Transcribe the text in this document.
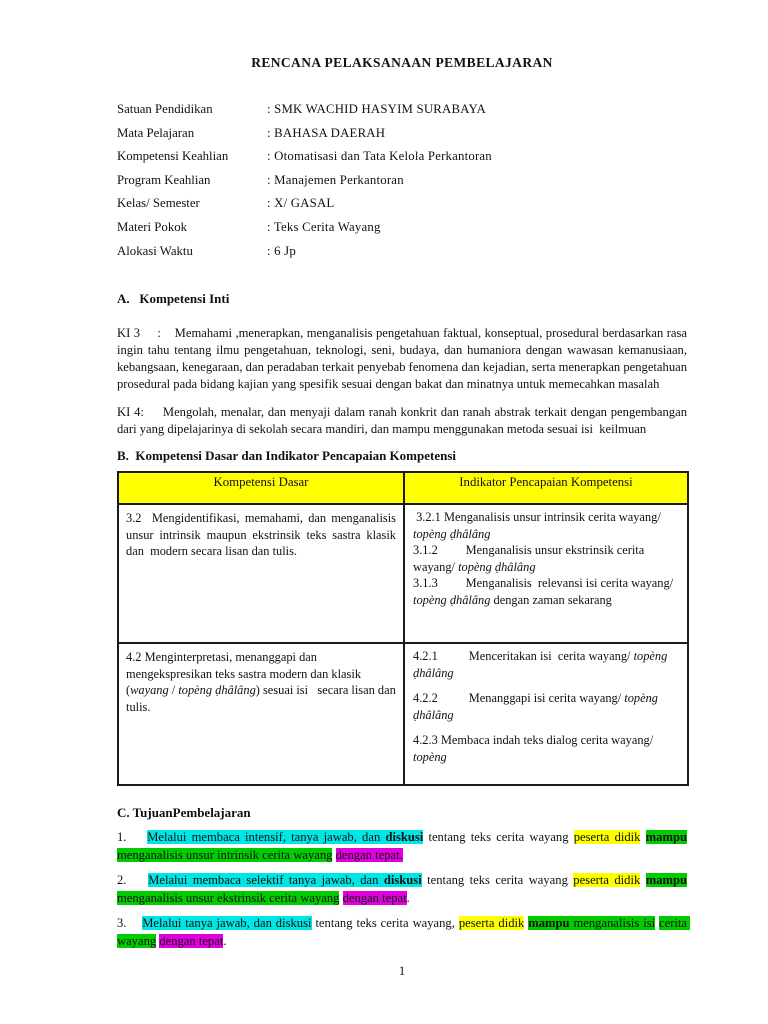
RENCANA PELAKSANAAN PEMBELAJARAN
Satuan Pendidikan	: SMK WACHID HASYIM SURABAYA
Mata Pelajaran	: BAHASA DAERAH
Kompetensi Keahlian	: Otomatisasi dan Tata Kelola Perkantoran
Program Keahlian	: Manajemen Perkantoran
Kelas/ Semester	: X/ GASAL
Materi Pokok	: Teks Cerita Wayang
Alokasi Waktu	: 6 Jp
A.   Kompetensi Inti
KI 3     :    Memahami ,menerapkan, menganalisis pengetahuan faktual, konseptual, prosedural berdasarkan rasa ingin tahu tentang ilmu pengetahuan, teknologi, seni, budaya, dan humaniora dengan wawasan kemanusiaan, kebangsaan, kenegaraan, dan peradaban terkait penyebab fenomena dan kejadian, serta menerapkan pengetahuan prosedural pada bidang kajian yang spesifik sesuai dengan bakat dan minatnya untuk memecahkan masalah
KI 4:     Mengolah, menalar, dan menyaji dalam ranah konkrit dan ranah abstrak terkait dengan pengembangan dari yang dipelajarinya di sekolah secara mandiri, dan mampu menggunakan metoda sesuai isi  keilmuan
B.  Kompetensi Dasar dan Indikator Pencapaian Kompetensi
Kompetensi Dasar	Indikator Pencapaian Kompetensi
3.2  Mengidentifikasi, memahami, dan menganalisis unsur intrinsik maupun ekstrinsik teks sastra klasik dan  modern secara lisan dan tulis.	3.2.1 Menganalisis unsur intrinsik cerita wayang/ topèng ḍhâlâng

3.1.2         Menganalisis unsur ekstrinsik cerita wayang/ topèng ḍhâlâng

3.1.3         Menganalisis  relevansi isi cerita wayang/ topèng ḍhâlâng dengan zaman sekarang

4.2 Menginterpretasi, menanggapi dan mengekspresikan teks sastra modern dan klasik (wayang / topèng ḍhâlâng) sesuai isi   secara lisan dan tulis.	4.2.1          Menceritakan isi  cerita wayang/ topèng ḍhâlâng

4.2.2          Menanggapi isi cerita wayang/ topèng ḍhâlâng

4.2.3 Membaca indah teks dialog cerita wayang/ topèng

C. TujuanPembelajaran
1.    Melalui membaca intensif, tanya jawab, dan diskusi tentang teks cerita wayang peserta didik mampu menganalisis unsur intrinsik cerita wayang dengan tepat.
2.    Melalui membaca selektif tanya jawab, dan diskusi tentang teks cerita wayang peserta didik mampu menganalisis unsur ekstrinsik cerita wayang dengan tepat.
3.    Melalui tanya jawab, dan diskusi tentang teks cerita wayang, peserta didik mampu menganalisis isi cerita wayang dengan tepat.
1
